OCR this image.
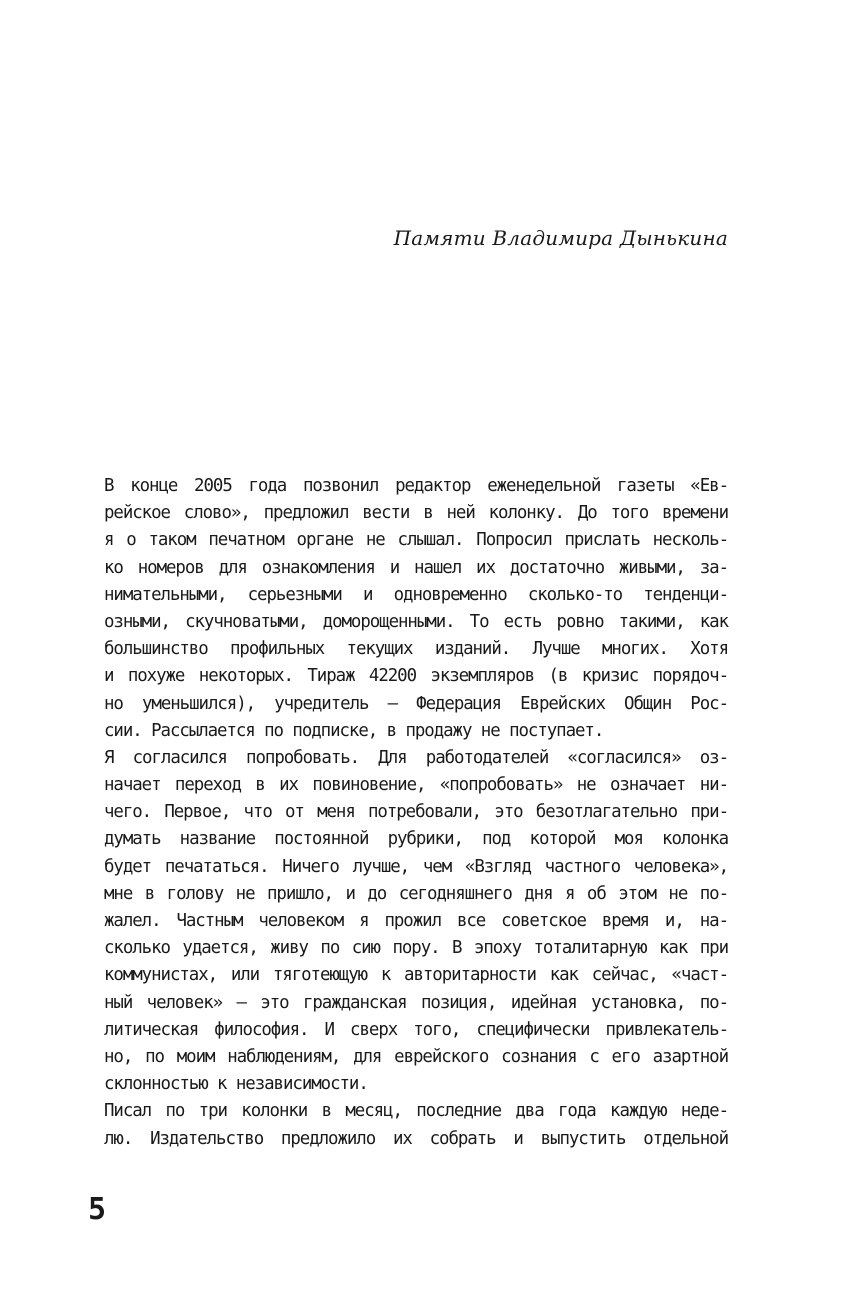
Памяти Владимира Дынькина
В конце 2005 года позвонил редактор еженедельной газеты «Ев-
рейское слово», предложил вести в ней колонку. До того времени
я о таком печатном органе не слышал. Попросил прислать несколь-
ко номеров для ознакомления и нашел их достаточно живыми, за-
нимательными, серьезными и одновременно сколько-то тенденци-
озными, скучноватыми, доморощенными. То есть ровно такими, как
большинство профильных текущих изданий. Лучше многих. Хотя
и похуже некоторых. Тираж 42200 экземпляров (в кризис порядоч-
но уменьшился), учредитель — Федерация Еврейских Общин Рос-
сии. Рассылается по подписке, в продажу не поступает.
Я согласился попробовать. Для работодателей «согласился» оз-
начает переход в их повиновение, «попробовать» не означает ни-
чего. Первое, что от меня потребовали, это безотлагательно при-
думать название постоянной рубрики, под которой моя колонка
будет печататься. Ничего лучше, чем «Взгляд частного человека»,
мне в голову не пришло, и до сегодняшнего дня я об этом не по-
жалел. Частным человеком я прожил все советское время и, на-
сколько удается, живу по сию пору. В эпоху тоталитарную как при
коммунистах, или тяготеющую к авторитарности как сейчас, «част-
ный человек» — это гражданская позиция, идейная установка, по-
литическая философия. И сверх того, специфически привлекатель-
но, по моим наблюдениям, для еврейского сознания с его азартной
склонностью к независимости.
Писал по три колонки в месяц, последние два года каждую неде-
лю. Издательство предложило их собрать и выпустить отдельной
5
